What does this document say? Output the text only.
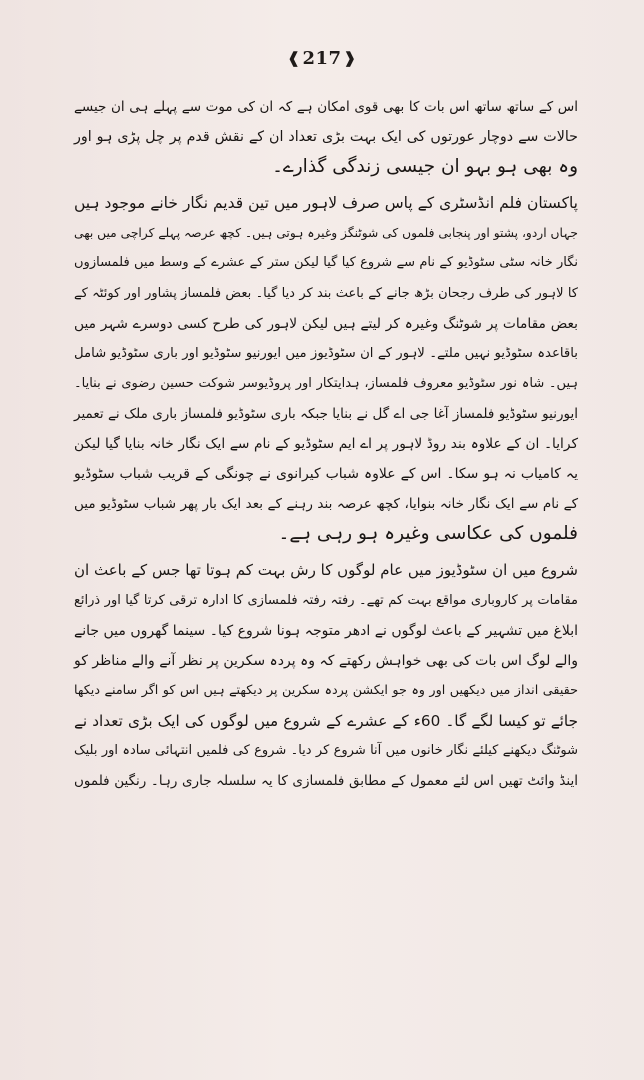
❰ 217 ❱

اس کے ساتھ ساتھ اس بات کا بھی قوی امکان ہے کہ ان کی موت سے پہلے ہی ان جیسے
حالات سے دوچار عورتوں کی ایک بہت بڑی تعداد ان کے نقش قدم پر چل پڑی ہو اور
وہ بھی ہو بہو ان جیسی زندگی گذارے۔

پاکستان فلم انڈسٹری کے پاس صرف لاہور میں تین قدیم نگار خانے موجود ہیں
جہاں اردو، پشتو اور پنجابی فلموں کی شوٹنگز وغیرہ ہوتی ہیں۔ کچھ عرصہ پہلے کراچی میں بھی
نگار خانہ سٹی سٹوڈیو کے نام سے شروع کیا گیا لیکن ستر کے عشرے کے وسط میں فلمسازوں
کا لاہور کی طرف رجحان بڑھ جانے کے باعث بند کر دیا گیا۔ بعض فلمساز پشاور اور کوئٹہ کے
بعض مقامات پر شوٹنگ وغیرہ کر لیتے ہیں لیکن لاہور کی طرح کسی دوسرے شہر میں
باقاعدہ سٹوڈیو نہیں ملتے۔ لاہور کے ان سٹوڈیوز میں ایورنیو سٹوڈیو اور باری سٹوڈیو شامل
ہیں۔ شاہ نور سٹوڈیو معروف فلمساز، ہدایتکار اور پروڈیوسر شوکت حسین رضوی نے بنایا۔
ایورنیو سٹوڈیو فلمساز آغا جی اے گل نے بنایا جبکہ باری سٹوڈیو فلمساز باری ملک نے تعمیر
کرایا۔ ان کے علاوہ بند روڈ لاہور پر اے ایم سٹوڈیو کے نام سے ایک نگار خانہ بنایا گیا لیکن
یہ کامیاب نہ ہو سکا۔ اس کے علاوہ شباب کیرانوی نے چونگی کے قریب شباب سٹوڈیو
کے نام سے ایک نگار خانہ بنوایا، کچھ عرصہ بند رہنے کے بعد ایک بار پھر شباب سٹوڈیو میں
فلموں کی عکاسی وغیرہ ہو رہی ہے۔

شروع میں ان سٹوڈیوز میں عام لوگوں کا رش بہت کم ہوتا تھا جس کے باعث ان
مقامات پر کاروباری مواقع بہت کم تھے۔ رفتہ رفتہ فلمسازی کا ادارہ ترقی کرتا گیا اور ذرائع
ابلاغ میں تشہیر کے باعث لوگوں نے ادھر متوجہ ہونا شروع کیا۔ سینما گھروں میں جانے
والے لوگ اس بات کی بھی خواہش رکھتے کہ وہ پردہ سکرین پر نظر آنے والے مناظر کو
حقیقی انداز میں دیکھیں اور وہ جو ایکشن پردہ سکرین پر دیکھتے ہیں اس کو اگر سامنے دیکھا
جائے تو کیسا لگے گا۔ 60ء کے عشرے کے شروع میں لوگوں کی ایک بڑی تعداد نے
شوٹنگ دیکھنے کیلئے نگار خانوں میں آنا شروع کر دیا۔ شروع کی فلمیں انتہائی سادہ اور بلیک
اینڈ وائٹ تھیں اس لئے معمول کے مطابق فلمسازی کا یہ سلسلہ جاری رہا۔ رنگین فلموں
